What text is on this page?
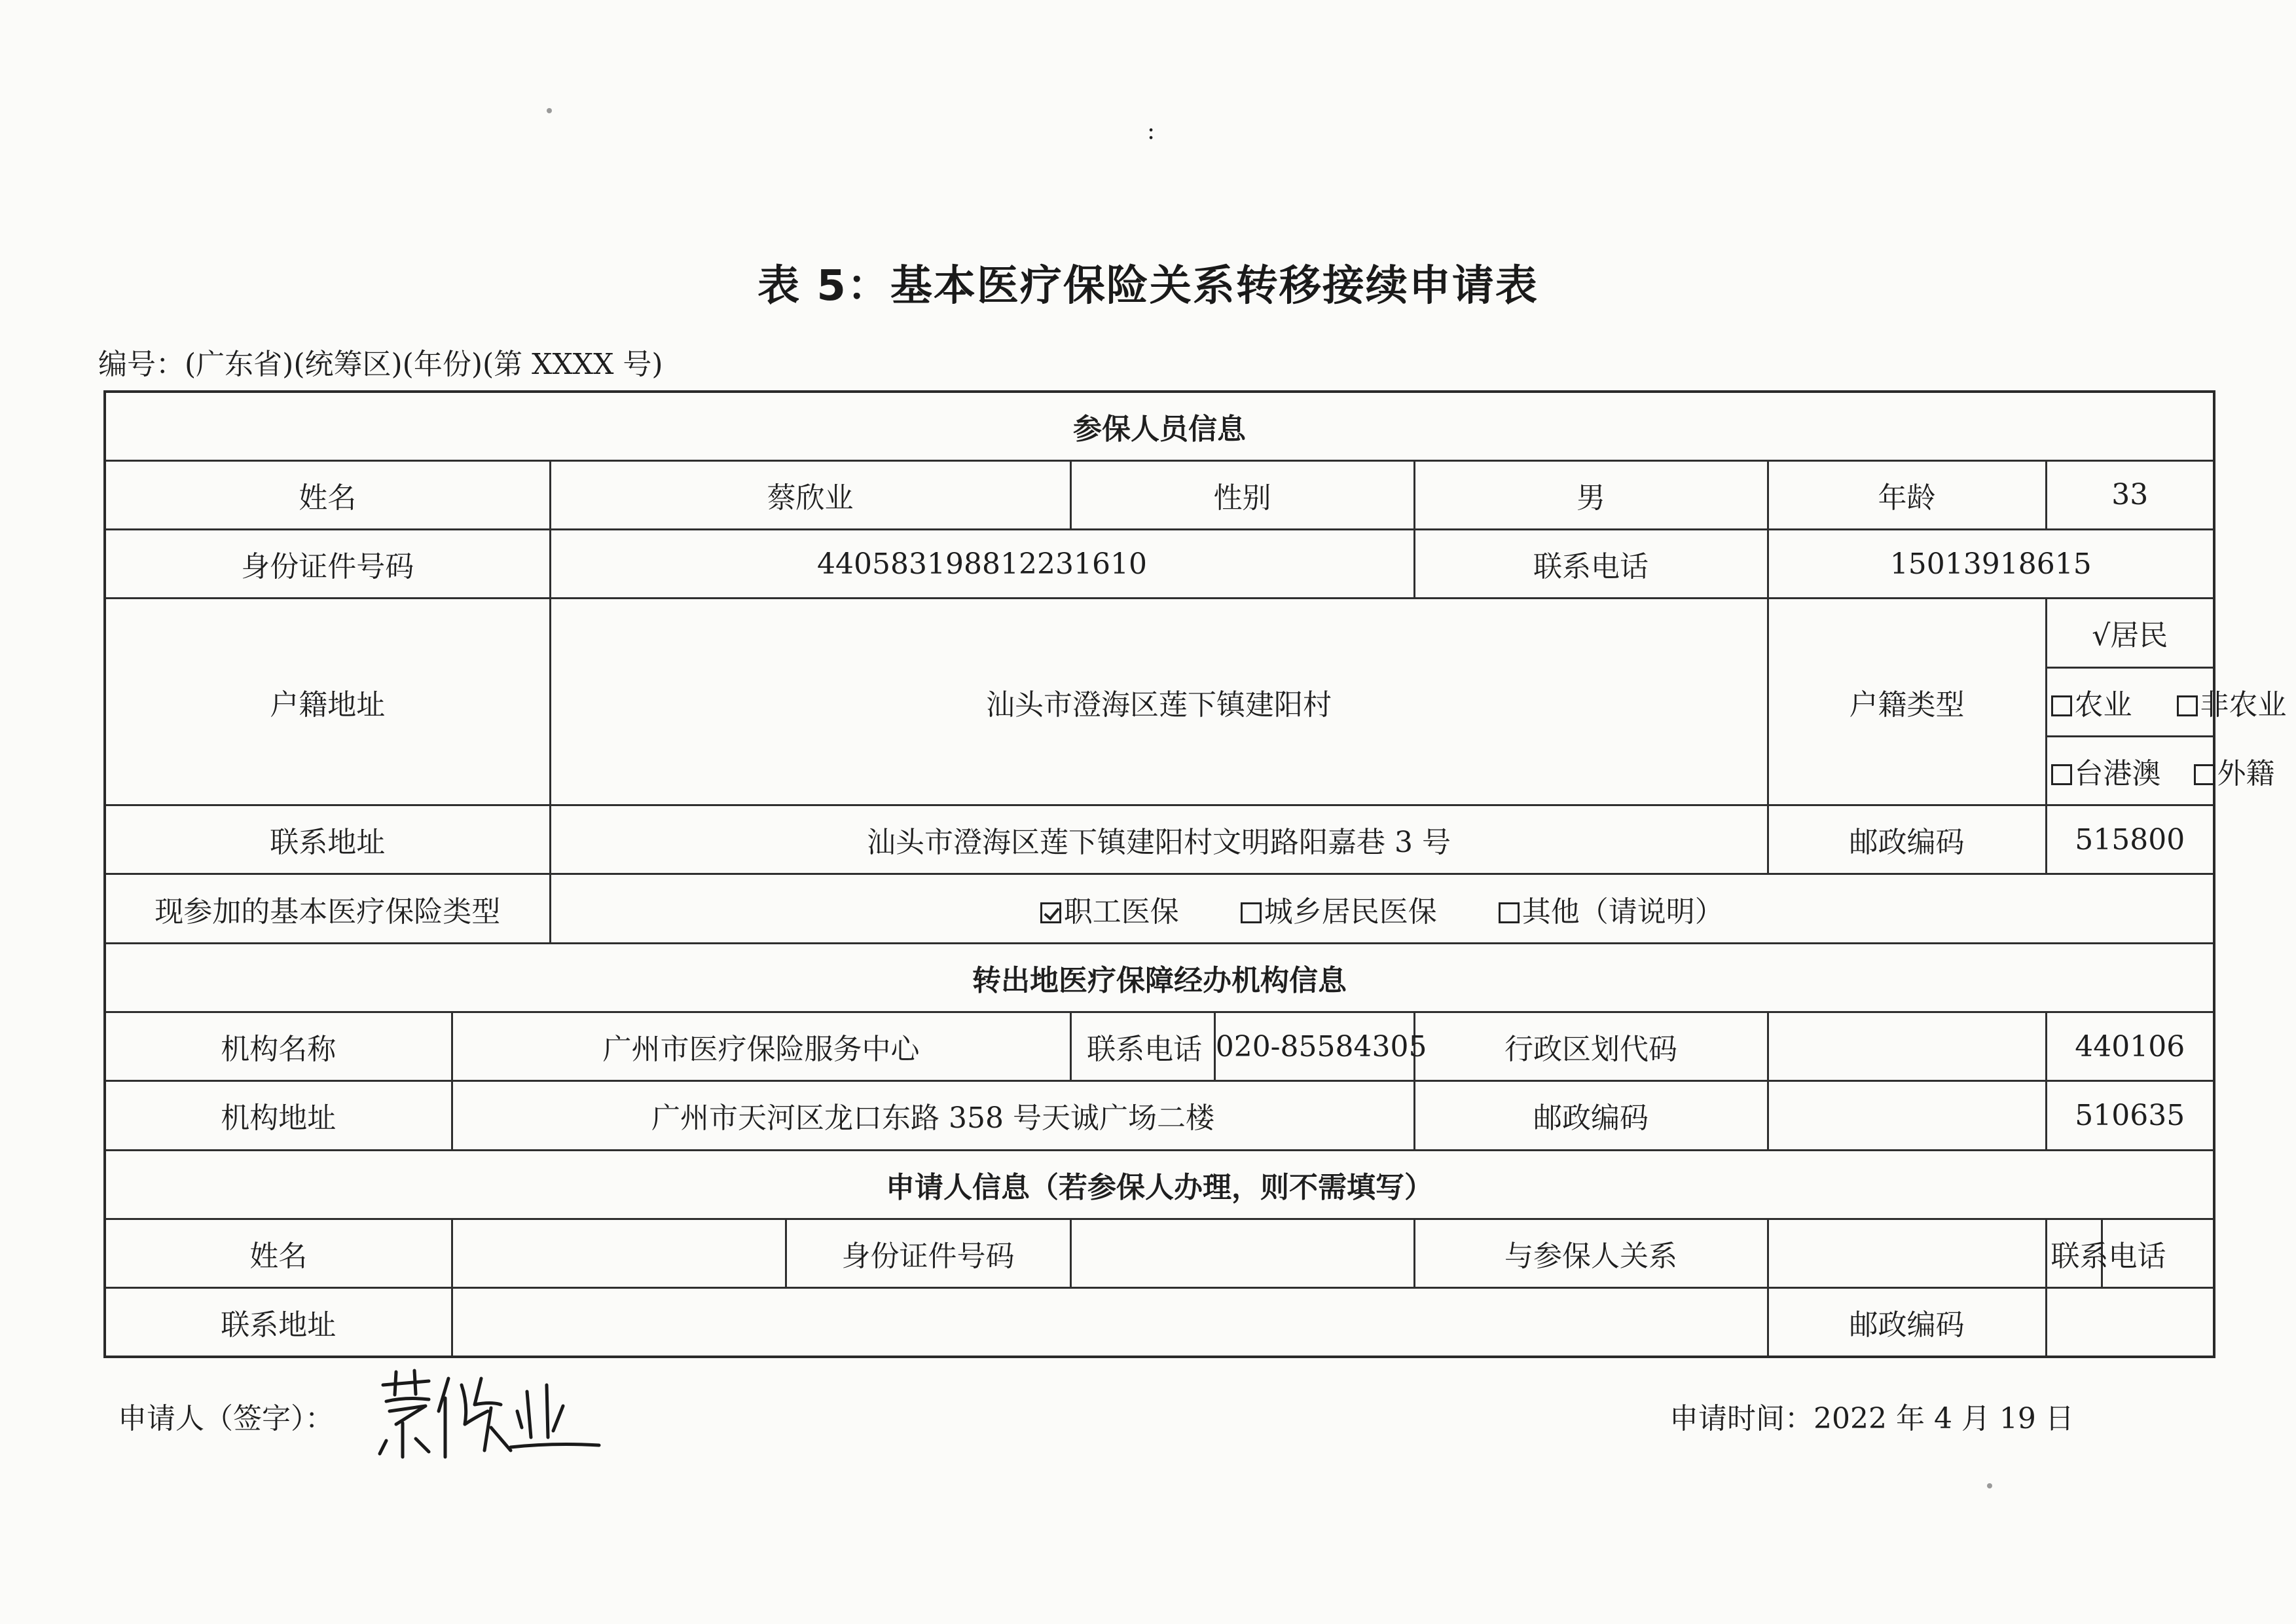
:
表 5：基本医疗保险关系转移接续申请表
编号：(广东省)(统筹区)(年份)(第 XXXX 号)
参保人员信息								
姓名		蔡欣业		性别	男	年龄	33	
身份证件号码		440583198812231610			联系电话	15013918615		
户籍地址		汕头市澄海区莲下镇建阳村				户籍类型	√居民	
							农业 非农业	
							台港澳 外籍	
联系地址		汕头市澄海区莲下镇建阳村文明路阳嘉巷 3 号				邮政编码	515800	
现参加的基本医疗保险类型		职工医保 城乡居民医保 其他（请说明）						
转出地医疗保障经办机构信息								
机构名称	广州市医疗保险服务中心			联系电话 020-85584305	行政区划代码		440106	
机构地址	广州市天河区龙口东路 358 号天诚广场二楼				邮政编码		510635	
申请人信息（若参保人办理，则不需填写）								
姓名			身份证件号码		与参保人关系		联系电话	
联系地址						邮政编码		
申请人（签字）：	申请时间：2022 年 4 月 19 日
